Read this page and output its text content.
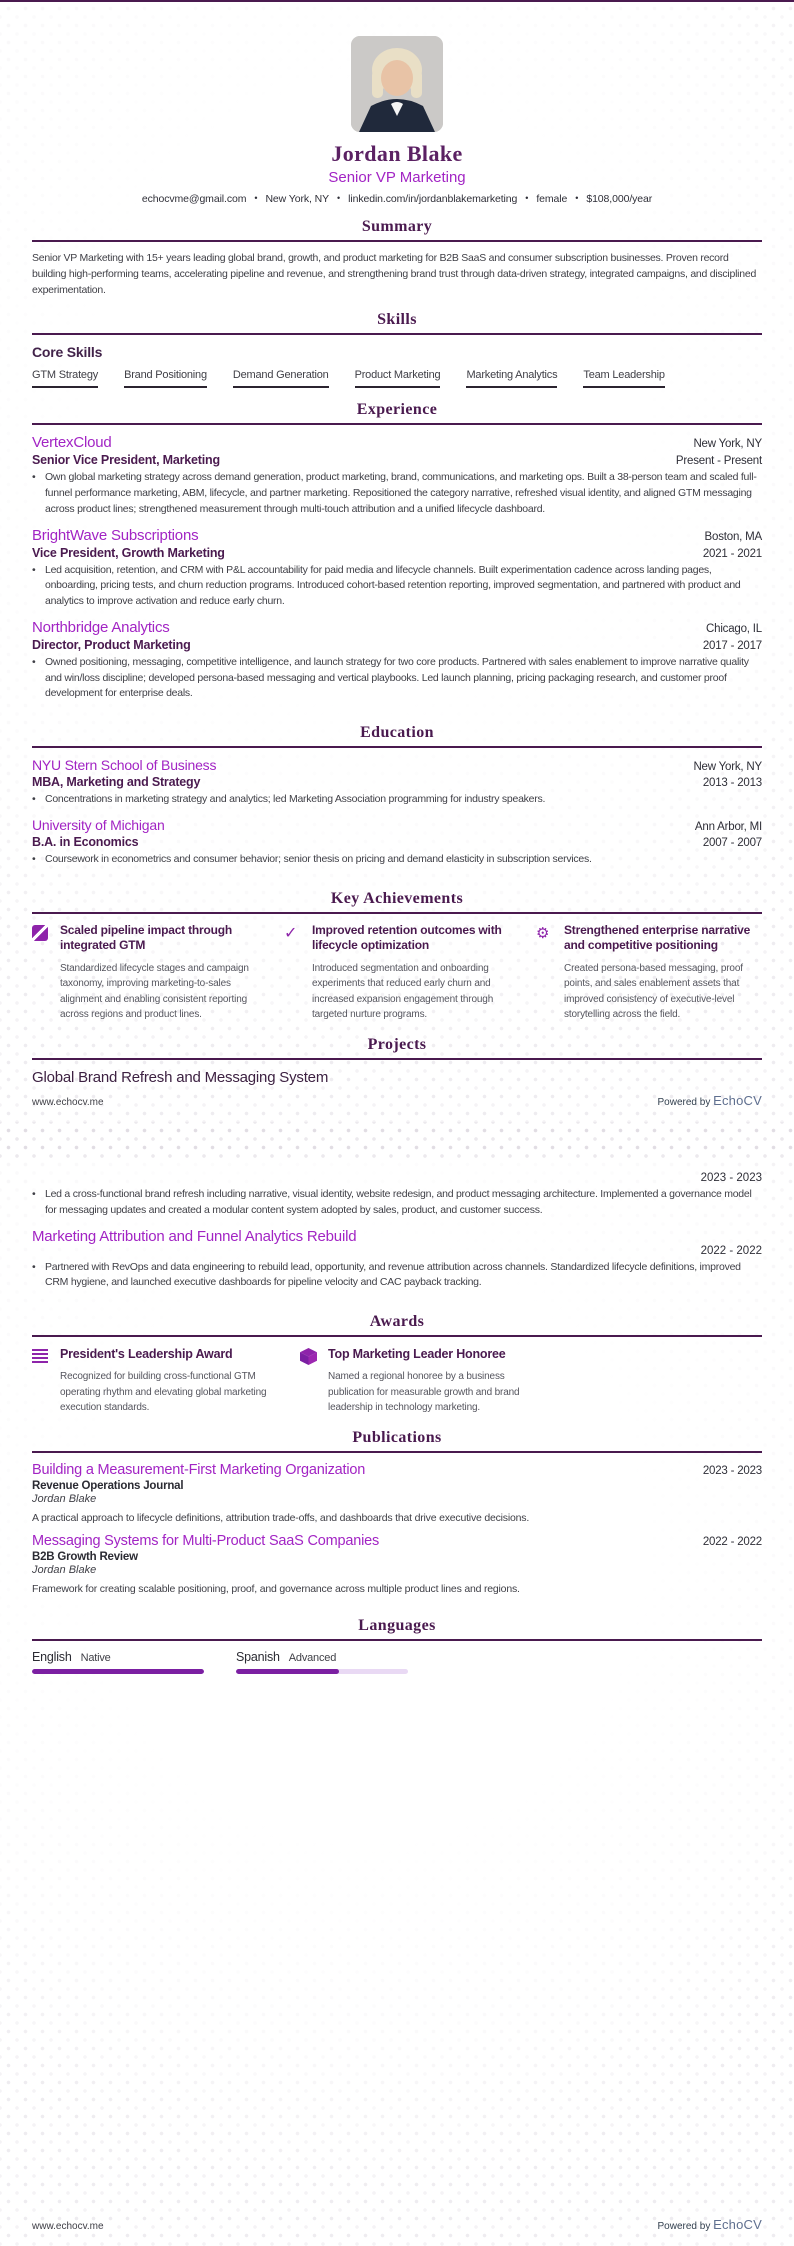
Jordan Blake
Senior VP Marketing
echocvme@gmail.com • New York, NY • linkedin.com/in/jordanblakemarketing • female • $108,000/year
Summary
Senior VP Marketing with 15+ years leading global brand, growth, and product marketing for B2B SaaS and consumer subscription businesses. Proven record building high-performing teams, accelerating pipeline and revenue, and strengthening brand trust through data-driven strategy, integrated campaigns, and disciplined experimentation.
Skills
Core Skills
GTM Strategy Brand Positioning Demand Generation Product Marketing Marketing Analytics Team Leadership
Experience
VertexCloud	New York, NY
Senior Vice President, Marketing	Present - Present
• Own global marketing strategy across demand generation, product marketing, brand, communications, and marketing ops. Built a 38-person team and scaled full-funnel performance marketing, ABM, lifecycle, and partner marketing. Repositioned the category narrative, refreshed visual identity, and aligned GTM messaging across product lines; strengthened measurement through multi-touch attribution and a unified lifecycle dashboard.
BrightWave Subscriptions	Boston, MA
Vice President, Growth Marketing	2021 - 2021
• Led acquisition, retention, and CRM with P&L accountability for paid media and lifecycle channels. Built experimentation cadence across landing pages, onboarding, pricing tests, and churn reduction programs. Introduced cohort-based retention reporting, improved segmentation, and partnered with product and analytics to improve activation and reduce early churn.
Northbridge Analytics	Chicago, IL
Director, Product Marketing	2017 - 2017
• Owned positioning, messaging, competitive intelligence, and launch strategy for two core products. Partnered with sales enablement to improve narrative quality and win/loss discipline; developed persona-based messaging and vertical playbooks. Led launch planning, pricing packaging research, and customer proof development for enterprise deals.
Education
NYU Stern School of Business	New York, NY
MBA, Marketing and Strategy	2013 - 2013
• Concentrations in marketing strategy and analytics; led Marketing Association programming for industry speakers.
University of Michigan	Ann Arbor, MI
B.A. in Economics	2007 - 2007
• Coursework in econometrics and consumer behavior; senior thesis on pricing and demand elasticity in subscription services.
Key Achievements
Scaled pipeline impact through integrated GTM
Standardized lifecycle stages and campaign taxonomy, improving marketing-to-sales alignment and enabling consistent reporting across regions and product lines.
✓	Improved retention outcomes with lifecycle optimization
Introduced segmentation and onboarding experiments that reduced early churn and increased expansion engagement through targeted nurture programs.
⚙	Strengthened enterprise narrative and competitive positioning
Created persona-based messaging, proof points, and sales enablement assets that improved consistency of executive-level storytelling across the field.
Projects
Global Brand Refresh and Messaging System
www.echocv.me	Powered by EchoCV
2023 - 2023
• Led a cross-functional brand refresh including narrative, visual identity, website redesign, and product messaging architecture. Implemented a governance model for messaging updates and created a modular content system adopted by sales, product, and customer success.
Marketing Attribution and Funnel Analytics Rebuild
2022 - 2022
• Partnered with RevOps and data engineering to rebuild lead, opportunity, and revenue attribution across channels. Standardized lifecycle definitions, improved CRM hygiene, and launched executive dashboards for pipeline velocity and CAC payback tracking.
Awards
President's Leadership Award
Recognized for building cross-functional GTM operating rhythm and elevating global marketing execution standards.
Top Marketing Leader Honoree
Named a regional honoree by a business publication for measurable growth and brand leadership in technology marketing.
Publications
Building a Measurement-First Marketing Organization	2023 - 2023
Revenue Operations Journal
Jordan Blake
A practical approach to lifecycle definitions, attribution trade-offs, and dashboards that drive executive decisions.
Messaging Systems for Multi-Product SaaS Companies	2022 - 2022
B2B Growth Review
Jordan Blake
Framework for creating scalable positioning, proof, and governance across multiple product lines and regions.
Languages
English Native	Spanish Advanced
www.echocv.me	Powered by EchoCV
